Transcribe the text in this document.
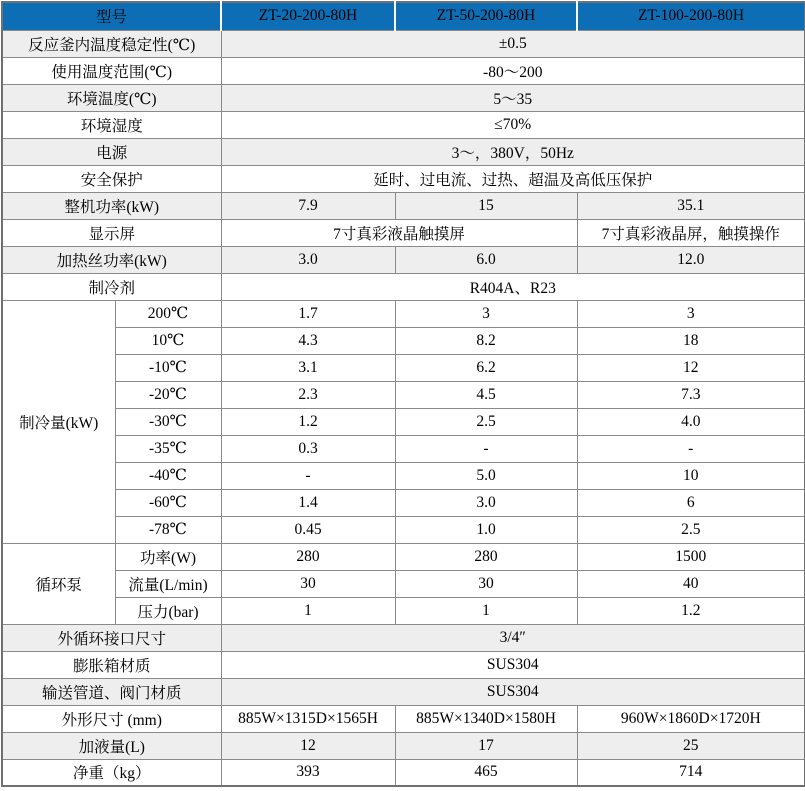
型号		ZT-20-200-80H	ZT-50-200-80H	ZT-100-200-80H
反应釜内温度稳定性(℃)		±0.5		
使用温度范围(℃)		-80～200		
环境温度(℃)		5～35		
环境湿度		≤70%		
电源		3～，380V，50Hz		
安全保护		延时、过电流、过热、超温及高低压保护		
整机功率(kW)		7.9	15	35.1
显示屏		7寸真彩液晶触摸屏		7寸真彩液晶屏，触摸操作
加热丝功率(kW)		3.0	6.0	12.0
制冷剂		R404A、R23		
制冷量(kW)	200℃	1.7	3	3
	10℃	4.3	8.2	18
	-10℃	3.1	6.2	12
	-20℃	2.3	4.5	7.3
	-30℃	1.2	2.5	4.0
	-35℃	0.3	-	-
	-40℃	-	5.0	10
	-60℃	1.4	3.0	6
	-78℃	0.45	1.0	2.5
循环泵	功率(W)	280	280	1500
	流量(L/min)	30	30	40
	压力(bar)	1	1	1.2
外循环接口尺寸		3/4″		
膨胀箱材质		SUS304		
输送管道、阀门材质		SUS304		
外形尺寸 (mm)		885W×1315D×1565H	885W×1340D×1580H	960W×1860D×1720H
加液量(L)		12	17	25
净重（kg）		393	465	714
